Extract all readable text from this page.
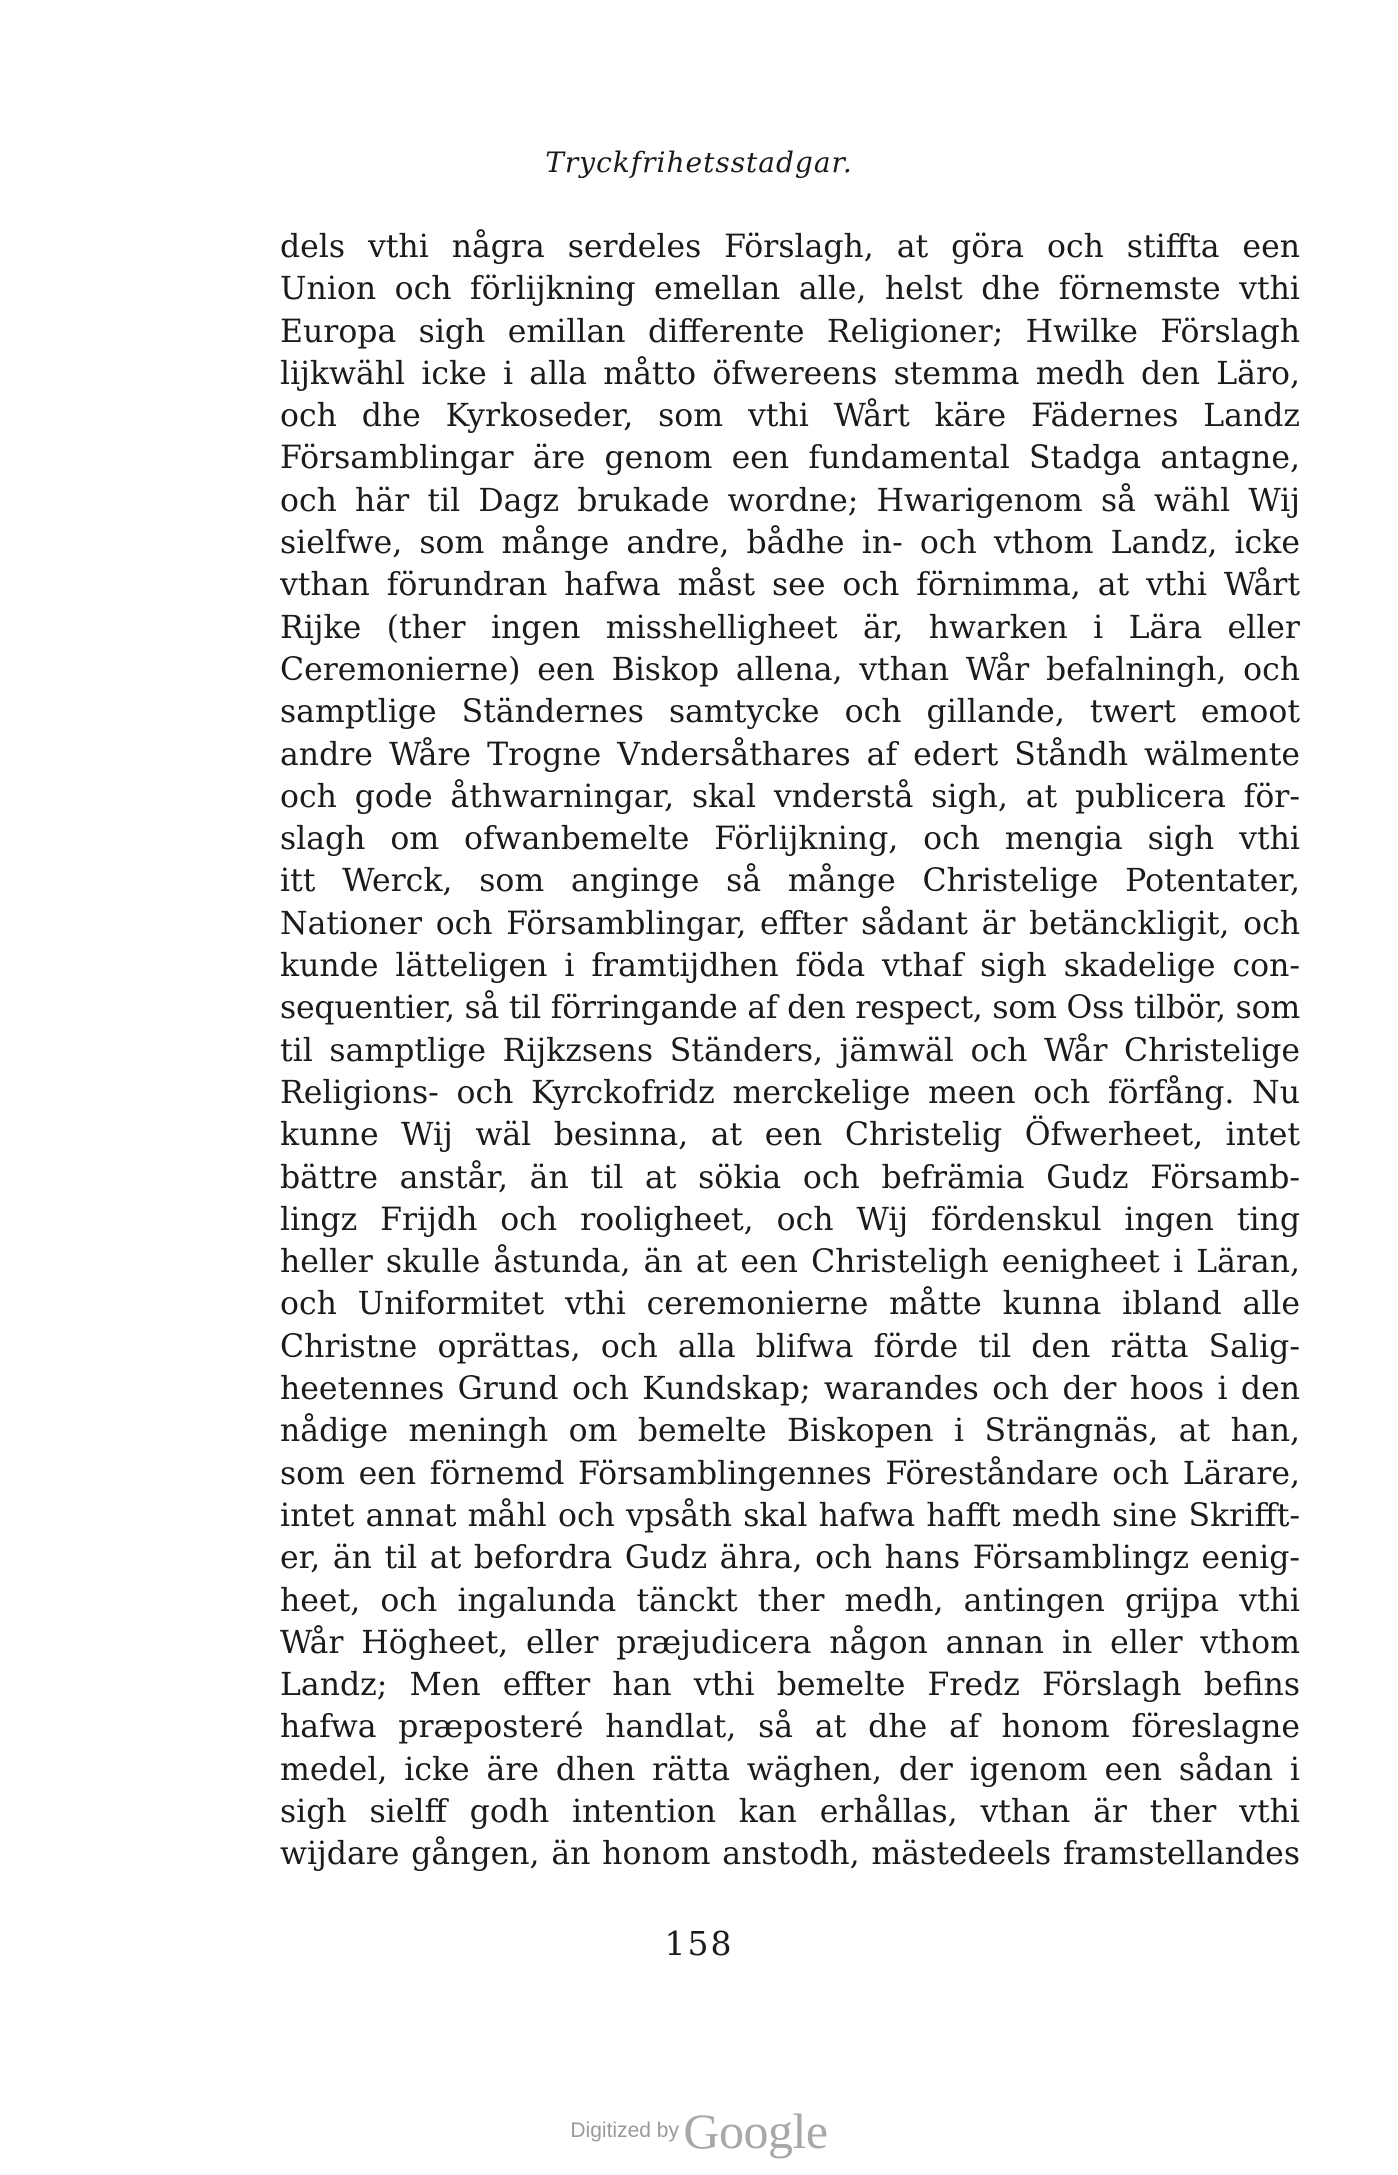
Tryckfrihetsstadgar.
dels vthi några serdeles Förslagh, at göra och stiffta een
Union och förlijkning emellan alle, helst dhe förnemste vthi
Europa sigh emillan differente Religioner; Hwilke Förslagh
lijkwähl icke i alla måtto öfwereens stemma medh den Läro,
och dhe Kyrkoseder, som vthi Wårt käre Fädernes Landz
Församblingar äre genom een fundamental Stadga antagne,
och här til Dagz brukade wordne; Hwarigenom så wähl Wij
sielfwe, som månge andre, bådhe in- och vthom Landz, icke
vthan förundran hafwa måst see och förnimma, at vthi Wårt
Rijke (ther ingen misshelligheet är, hwarken i Lära eller
Ceremonierne) een Biskop allena, vthan Wår befalningh, och
samptlige Ständernes samtycke och gillande, twert emoot
andre Wåre Trogne Vndersåthares af edert Ståndh wälmente
och gode åthwarningar, skal vnderstå sigh, at publicera för-
slagh om ofwanbemelte Förlijkning, och mengia sigh vthi
itt Werck, som anginge så månge Christelige Potentater,
Nationer och Församblingar, effter sådant är betänckligit, och
kunde lätteligen i framtijdhen föda vthaf sigh skadelige con-
sequentier, så til förringande af den respect, som Oss tilbör, som
til samptlige Rijkzsens Ständers, jämwäl och Wår Christelige
Religions- och Kyrckofridz merckelige meen och förfång. Nu
kunne Wij wäl besinna, at een Christelig Öfwerheet, intet
bättre anstår, än til at sökia och befrämia Gudz Församb-
lingz Frijdh och rooligheet, och Wij fördenskul ingen ting
heller skulle åstunda, än at een Christeligh eenigheet i Läran,
och Uniformitet vthi ceremonierne måtte kunna ibland alle
Christne oprättas, och alla blifwa förde til den rätta Salig-
heetennes Grund och Kundskap; warandes och der hoos i den
nådige meningh om bemelte Biskopen i Strängnäs, at han,
som een förnemd Församblingennes Föreståndare och Lärare,
intet annat måhl och vpsåth skal hafwa hafft medh sine Skrifft-
er, än til at befordra Gudz ähra, och hans Församblingz eenig-
heet, och ingalunda tänckt ther medh, antingen grijpa vthi
Wår Högheet, eller præjudicera någon annan in eller vthom
Landz; Men effter han vthi bemelte Fredz Förslagh befins
hafwa præposteré handlat, så at dhe af honom föreslagne
medel, icke äre dhen rätta wäghen, der igenom een sådan i
sigh sielff godh intention kan erhållas, vthan är ther vthi
wijdare gången, än honom anstodh, mästedeels framstellandes
158
Digitized by Google
